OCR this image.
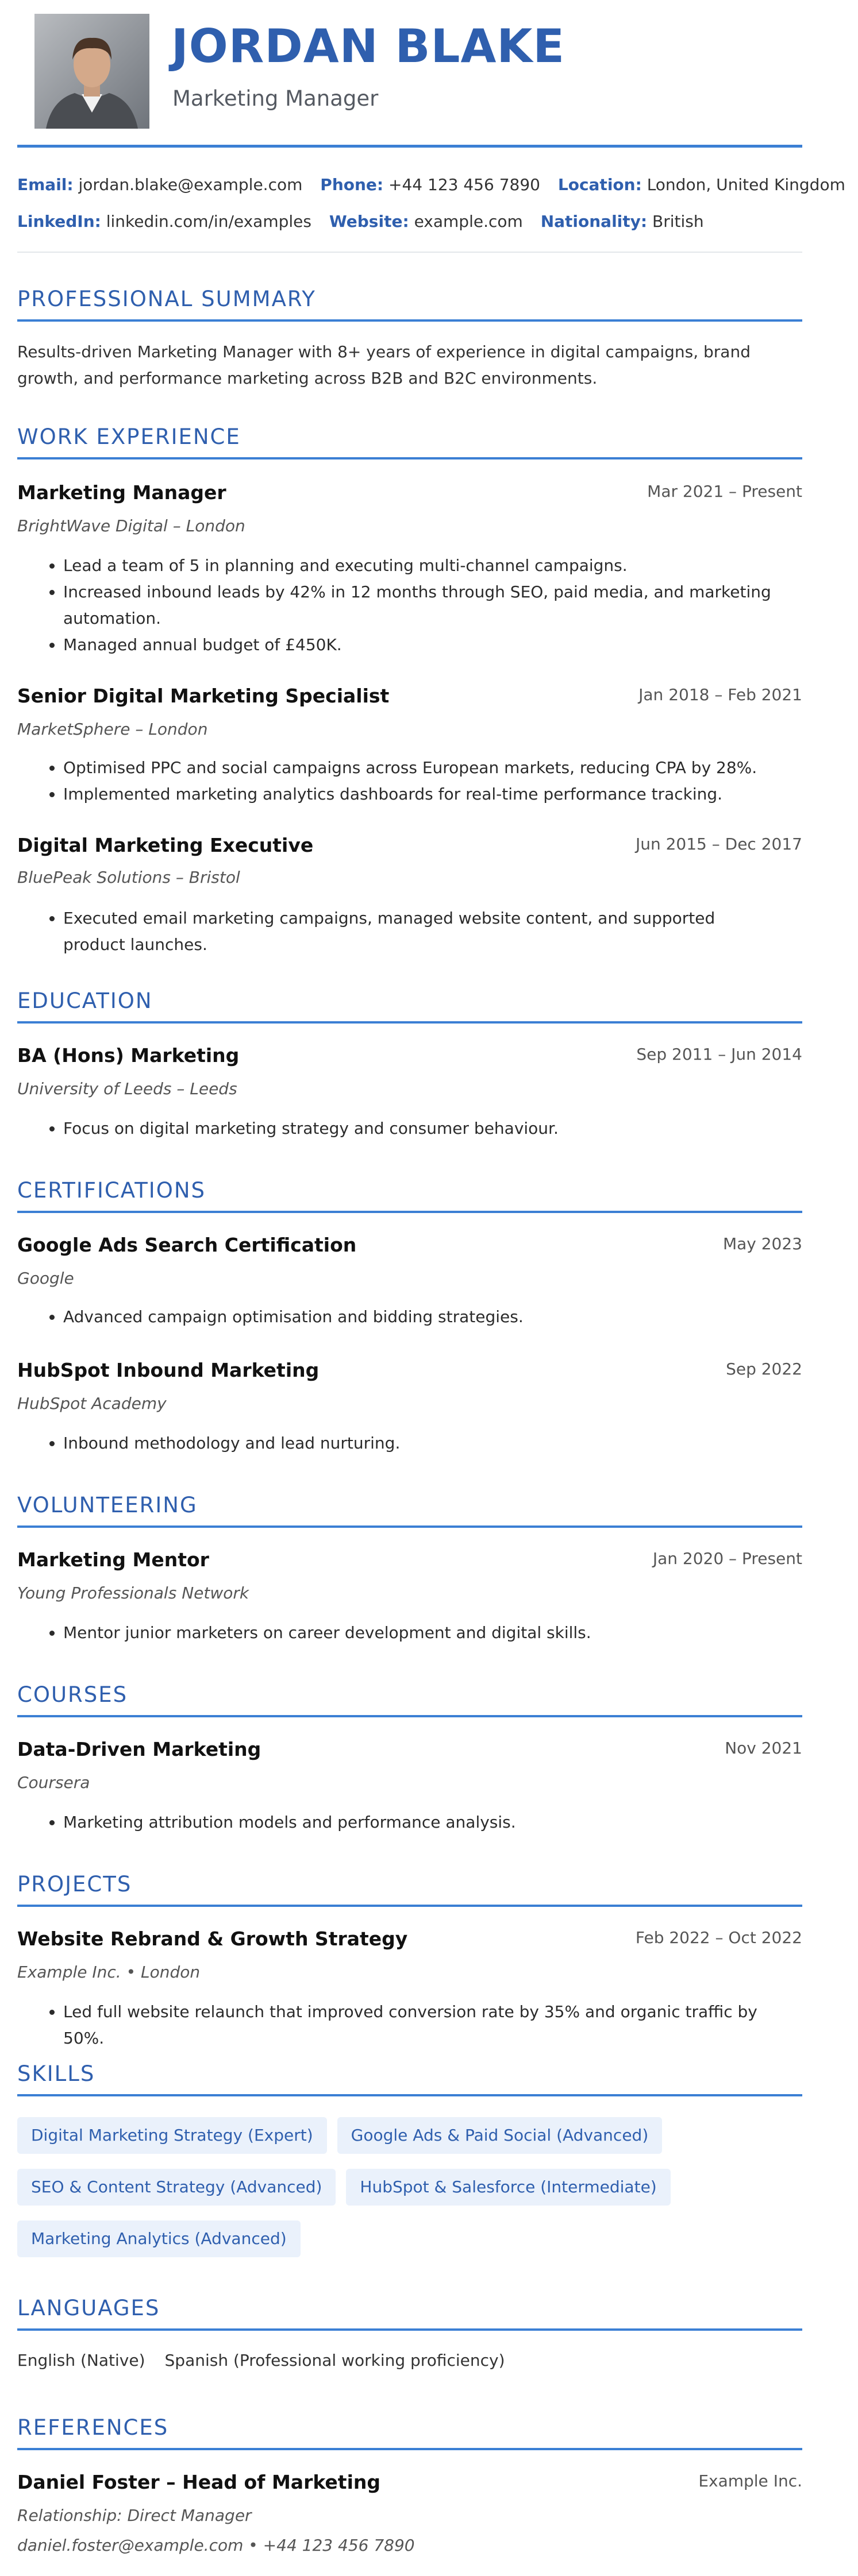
JORDAN BLAKE
Marketing Manager
Email: jordan.blake@example.com Phone: +44 123 456 7890 Location: London, United Kingdom
LinkedIn: linkedin.com/in/examples Website: example.com Nationality: British
PROFESSIONAL SUMMARY
Results-driven Marketing Manager with 8+ years of experience in digital campaigns, brand growth, and performance marketing across B2B and B2C environments.
WORK EXPERIENCE
Marketing Manager	Mar 2021 – Present
BrightWave Digital – London
• Lead a team of 5 in planning and executing multi-channel campaigns.
• Increased inbound leads by 42% in 12 months through SEO, paid media, and marketing automation.
• Managed annual budget of £450K.
Senior Digital Marketing Specialist	Jan 2018 – Feb 2021
MarketSphere – London
• Optimised PPC and social campaigns across European markets, reducing CPA by 28%.
• Implemented marketing analytics dashboards for real-time performance tracking.
Digital Marketing Executive	Jun 2015 – Dec 2017
BluePeak Solutions – Bristol
• Executed email marketing campaigns, managed website content, and supported product launches.
EDUCATION
BA (Hons) Marketing	Sep 2011 – Jun 2014
University of Leeds – Leeds
• Focus on digital marketing strategy and consumer behaviour.
CERTIFICATIONS
Google Ads Search Certification	May 2023
Google
• Advanced campaign optimisation and bidding strategies.
HubSpot Inbound Marketing	Sep 2022
HubSpot Academy
• Inbound methodology and lead nurturing.
VOLUNTEERING
Marketing Mentor	Jan 2020 – Present
Young Professionals Network
• Mentor junior marketers on career development and digital skills.
COURSES
Data-Driven Marketing	Nov 2021
Coursera
• Marketing attribution models and performance analysis.
PROJECTS
Website Rebrand & Growth Strategy	Feb 2022 – Oct 2022
Example Inc. • London
• Led full website relaunch that improved conversion rate by 35% and organic traffic by 50%.
SKILLS
Digital Marketing Strategy (Expert) Google Ads & Paid Social (Advanced)
SEO & Content Strategy (Advanced) HubSpot & Salesforce (Intermediate)
Marketing Analytics (Advanced)
LANGUAGES
English (Native) Spanish (Professional working proficiency)
REFERENCES
Daniel Foster – Head of Marketing	Example Inc.
Relationship: Direct Manager
daniel.foster@example.com • +44 123 456 7890
